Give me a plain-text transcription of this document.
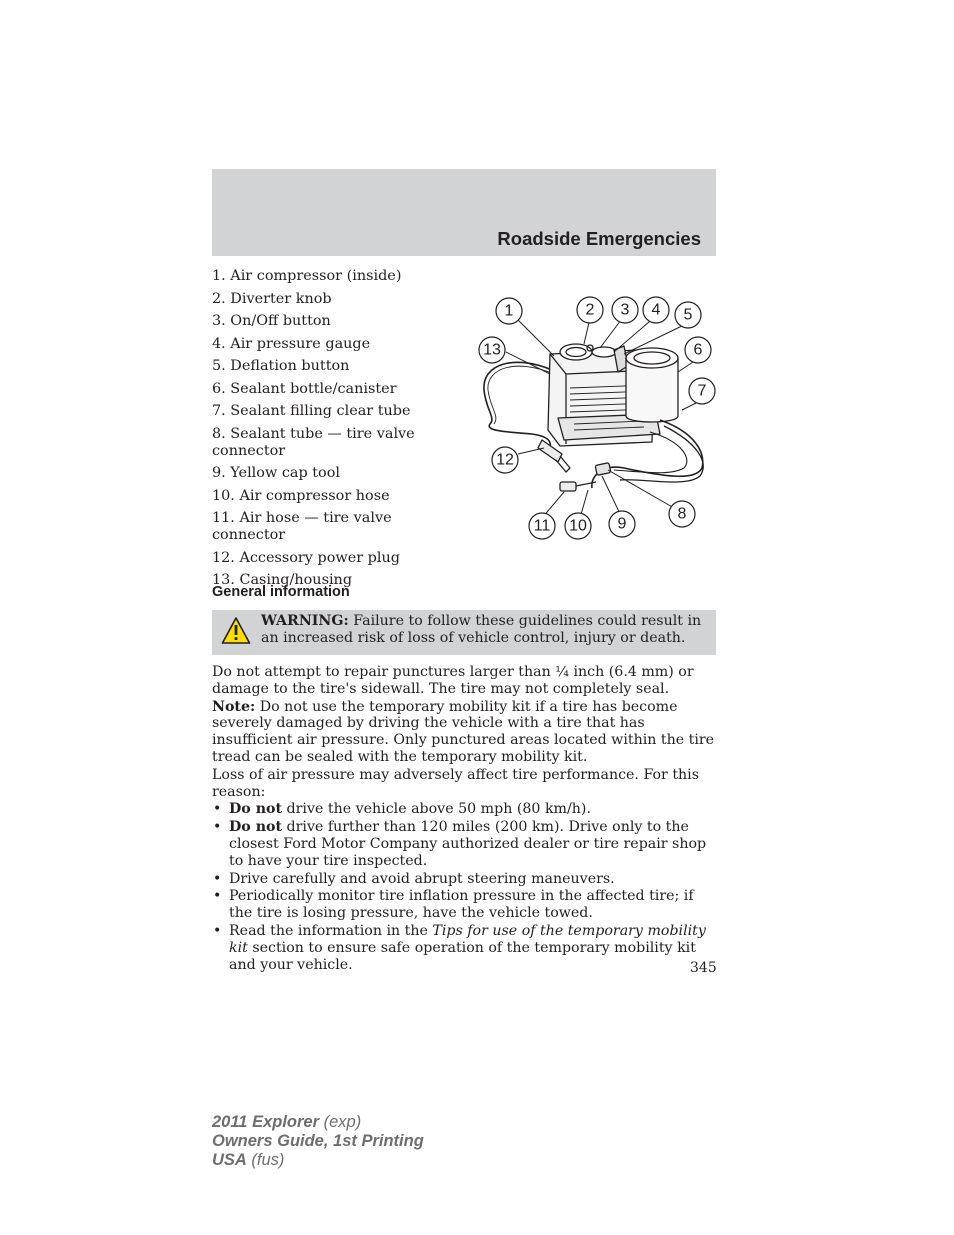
Roadside Emergencies
1. Air compressor (inside)
2. Diverter knob
3. On/Off button
4. Air pressure gauge
5. Deflation button
6. Sealant bottle/canister
7. Sealant filling clear tube
8. Sealant tube — tire valve connector
9. Yellow cap tool
10. Air compressor hose
11. Air hose — tire valve connector
12. Accessory power plug
13. Casing/housing
1	2 3 4 5
6
7
8
9
10
11
12
13
General information
WARNING: Failure to follow these guidelines could result in an increased risk of loss of vehicle control, injury or death.

Do not attempt to repair punctures larger than ¼ inch (6.4 mm) or damage to the tire's sidewall. The tire may not completely seal.

Note: Do not use the temporary mobility kit if a tire has become severely damaged by driving the vehicle with a tire that has insufficient air pressure. Only punctured areas located within the tire tread can be sealed with the temporary mobility kit.

Loss of air pressure may adversely affect tire performance. For this reason:

• Do not drive the vehicle above 50 mph (80 km/h).
• Do not drive further than 120 miles (200 km). Drive only to the closest Ford Motor Company authorized dealer or tire repair shop to have your tire inspected.
• Drive carefully and avoid abrupt steering maneuvers.
• Periodically monitor tire inflation pressure in the affected tire; if the tire is losing pressure, have the vehicle towed.
• Read the information in the Tips for use of the temporary mobility kit section to ensure safe operation of the temporary mobility kit and your vehicle.	345
2011 Explorer (exp)
Owners Guide, 1st Printing
USA (fus)
